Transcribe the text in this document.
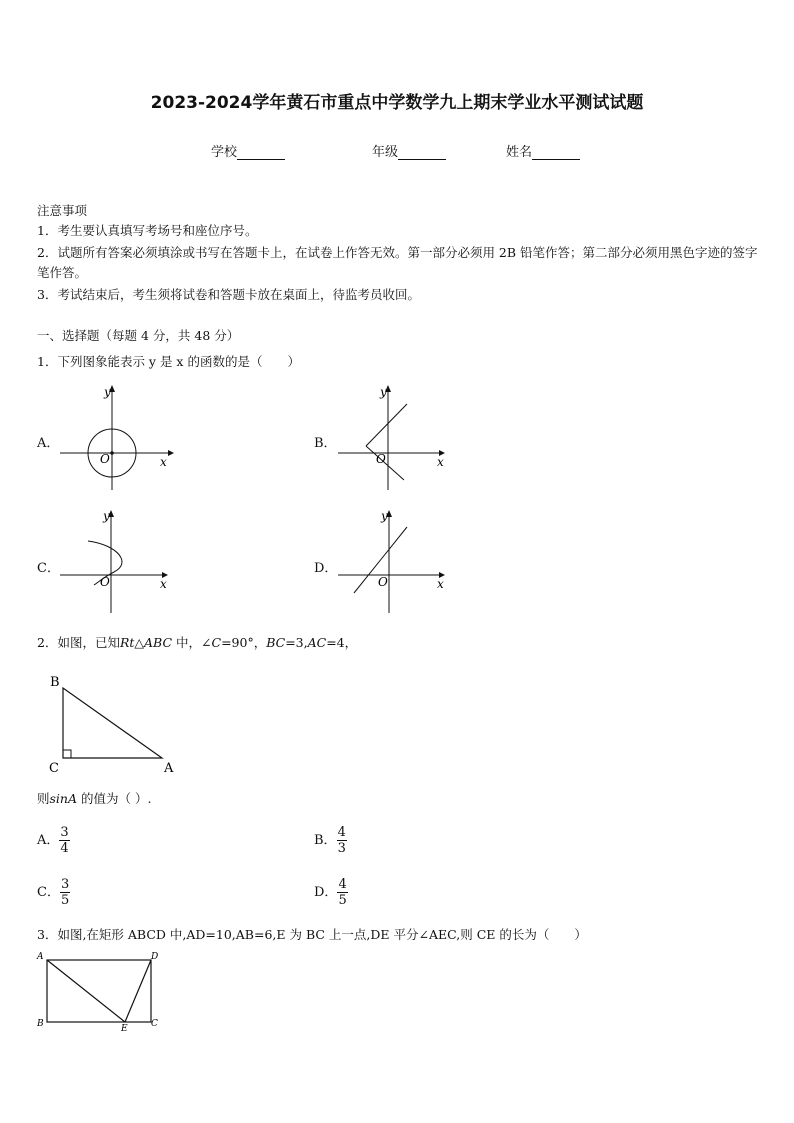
2023-2024学年黄石市重点中学数学九上期末学业水平测试试题
学校	年级	姓名
注意事项
1．考生要认真填写考场号和座位序号。
2．试题所有答案必须填涂或书写在答题卡上，在试卷上作答无效。第一部分必须用 2B 铅笔作答；第二部分必须用黑色字迹的签字笔作答。
3．考试结束后，考生须将试卷和答题卡放在桌面上，待监考员收回。
一、选择题（每题 4 分，共 48 分）
1．下列图象能表示 y 是 x 的函数的是（　　）
A．	B．
C．	D．
y
x
O
y
x
O
y
x
O
y
x
O
2．如图，已知Rt△ABC 中，∠C=90°，BC=3,AC=4，
B
C	A
则sinA 的值为（ ）.
A． $\frac{3}{4}$	B． $\frac{4}{3}$
C． $\frac{3}{5}$	D． $\frac{4}{5}$
3．如图,在矩形 ABCD 中,AD=10,AB=6,E 为 BC 上一点,DE 平分∠AEC,则 CE 的长为（　　）
A	D
B	E	C
